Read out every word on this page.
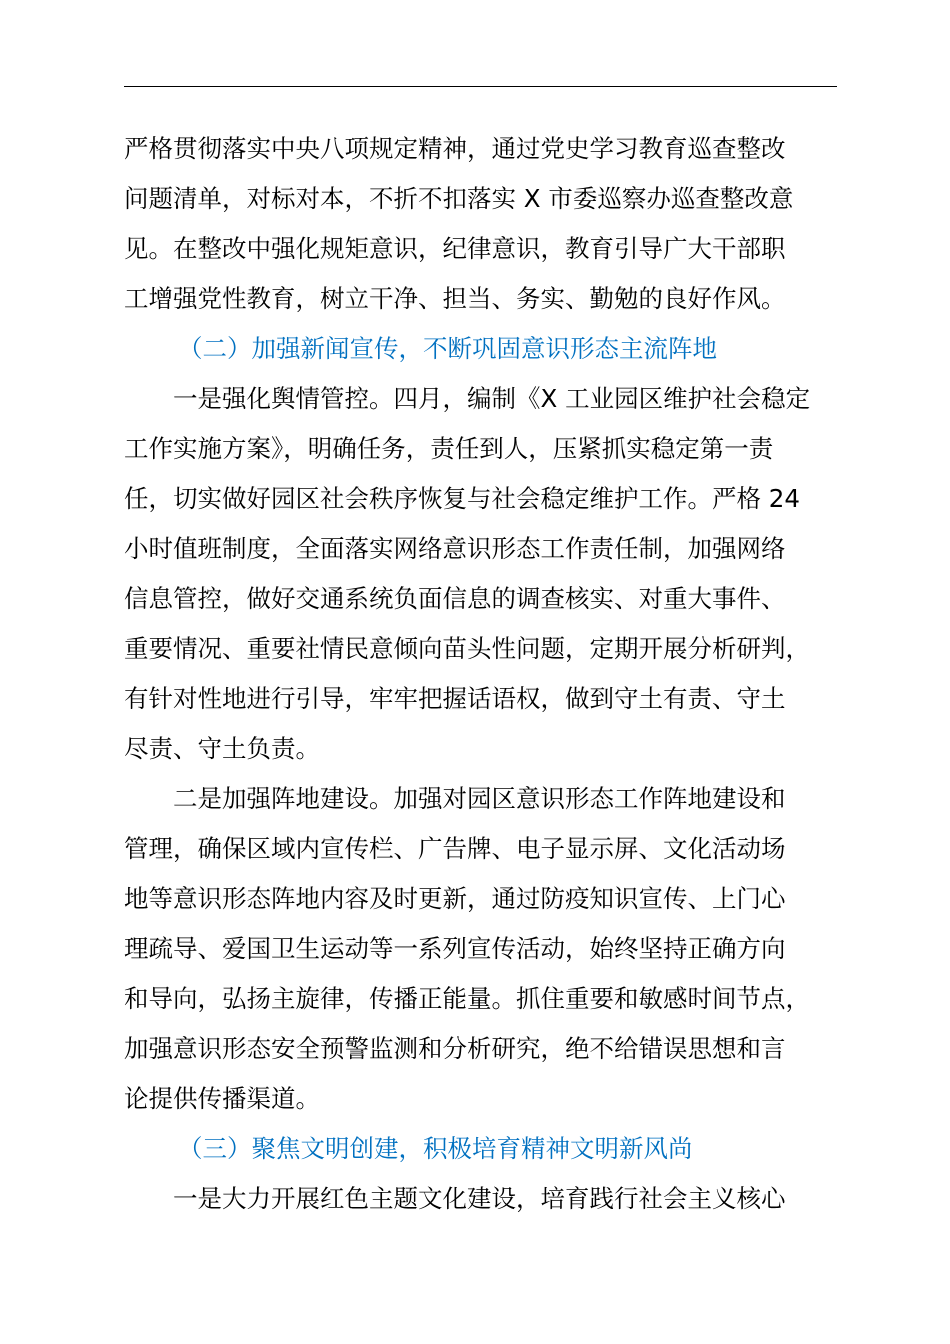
严格贯彻落实中央八项规定精神，通过党史学习教育巡查整改
问题清单，对标对本，不折不扣落实 X 市委巡察办巡查整改意
见。在整改中强化规矩意识，纪律意识，教育引导广大干部职
工增强党性教育，树立干净、担当、务实、勤勉的良好作风。
（二）加强新闻宣传，不断巩固意识形态主流阵地
一是强化舆情管控。四月，编制《X 工业园区维护社会稳定
工作实施方案》，明确任务，责任到人，压紧抓实稳定第一责
任，切实做好园区社会秩序恢复与社会稳定维护工作。严格 24
小时值班制度，全面落实网络意识形态工作责任制，加强网络
信息管控，做好交通系统负面信息的调查核实、对重大事件、
重要情况、重要社情民意倾向苗头性问题，定期开展分析研判，
有针对性地进行引导，牢牢把握话语权，做到守土有责、守土
尽责、守土负责。
二是加强阵地建设。加强对园区意识形态工作阵地建设和
管理，确保区域内宣传栏、广告牌、电子显示屏、文化活动场
地等意识形态阵地内容及时更新，通过防疫知识宣传、上门心
理疏导、爱国卫生运动等一系列宣传活动，始终坚持正确方向
和导向，弘扬主旋律，传播正能量。抓住重要和敏感时间节点，
加强意识形态安全预警监测和分析研究，绝不给错误思想和言
论提供传播渠道。
（三）聚焦文明创建，积极培育精神文明新风尚
一是大力开展红色主题文化建设，培育践行社会主义核心
